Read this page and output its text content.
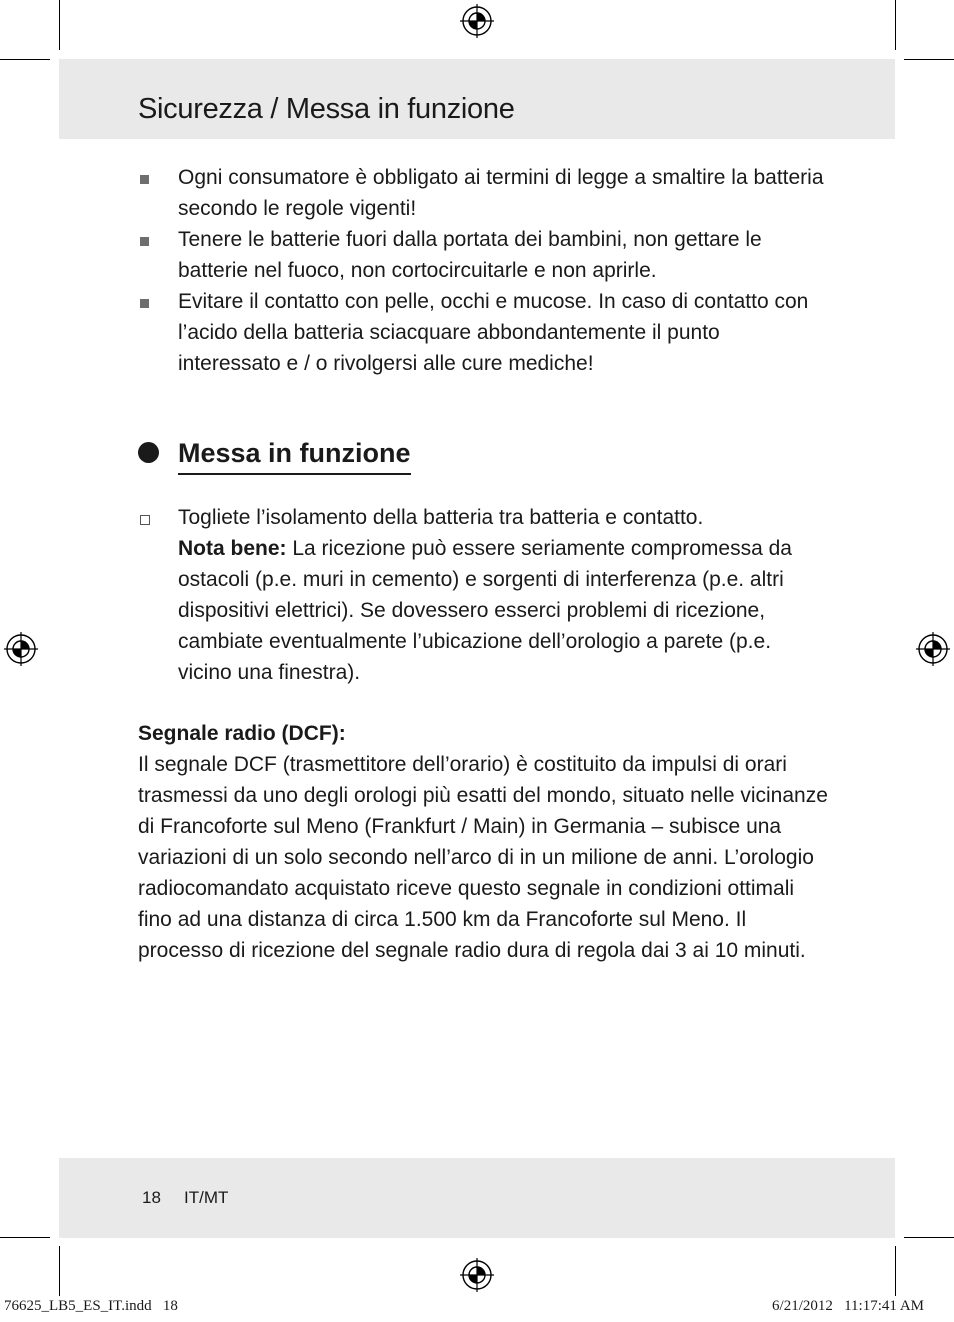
Sicurezza / Messa in funzione
Ogni consumatore è obbligato ai termini di legge a smaltire la batteria secondo le regole vigenti!
Tenere le batterie fuori dalla portata dei bambini, non gettare le batterie nel fuoco, non cortocircuitarle e non aprirle.
Evitare il contatto con pelle, occhi e mucose. In caso di contatto con l’acido della batteria sciacquare abbondantemente il punto interessato e / o rivolgersi alle cure mediche!
Messa in funzione
Togliete l’isolamento della batteria tra batteria e contatto.
Nota bene: La ricezione può essere seriamente compromessa da ostacoli (p.e. muri in cemento) e sorgenti di interferenza (p.e. altri dispositivi elettrici). Se dovessero esserci problemi di ricezione, cambiate eventualmente l’ubicazione dell’orologio a parete (p.e. vicino una finestra).
Segnale radio (DCF):
Il segnale DCF (trasmettitore dell’orario) è costituito da impulsi di orari trasmessi da uno degli orologi più esatti del mondo, situato nelle vicinanze di Francoforte sul Meno (Frankfurt / Main) in Germania – subisce una variazioni di un solo secondo nell’arco di in un milione de anni. L’orologio radiocomandato acquistato riceve questo segnale in condizioni ottimali fino ad una distanza di circa 1.500 km da Francoforte sul Meno. Il processo di ricezione del segnale radio dura di regola dai 3 ai 10 minuti.
18 IT/MT
76625_LB5_ES_IT.indd   18	6/21/2012   11:17:41 AM
